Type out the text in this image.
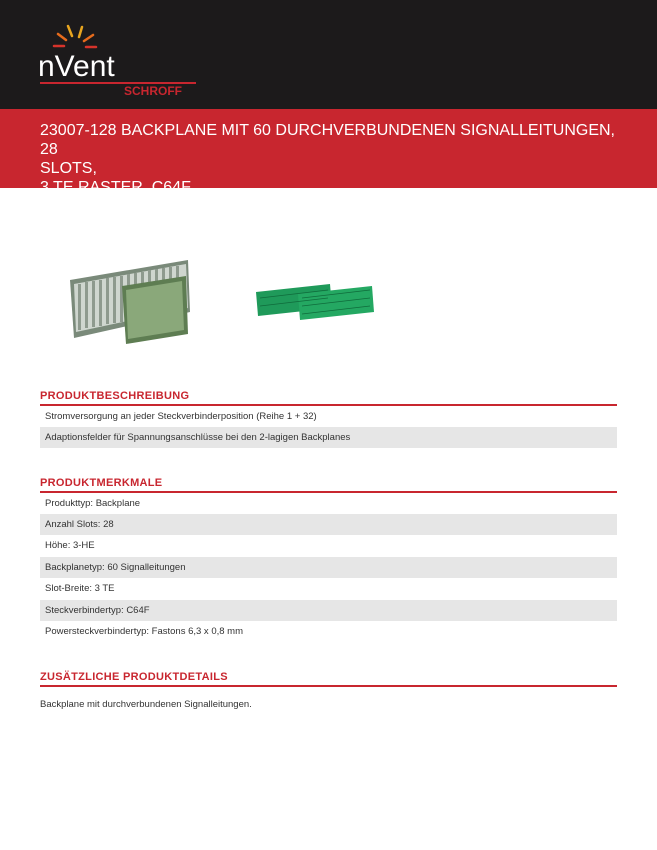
nVent
SCHROFF
23007-128 BACKPLANE MIT 60 DURCHVERBUNDENEN SIGNALLEITUNGEN, 28
SLOTS,
3 TE RASTER, C64F
PRODUKTBESCHREIBUNG
Stromversorgung an jeder Steckverbinderposition (Reihe 1 + 32)
Adaptionsfelder für Spannungsanschlüsse bei den 2-lagigen Backplanes
PRODUKTMERKMALE
Produkttyp: Backplane
Anzahl Slots: 28
Höhe: 3-HE
Backplanetyp: 60 Signalleitungen
Slot-Breite: 3 TE
Steckverbindertyp: C64F
Powersteckverbindertyp: Fastons 6,3 x 0,8 mm
ZUSÄTZLICHE PRODUKTDETAILS
Backplane mit durchverbundenen Signalleitungen.
